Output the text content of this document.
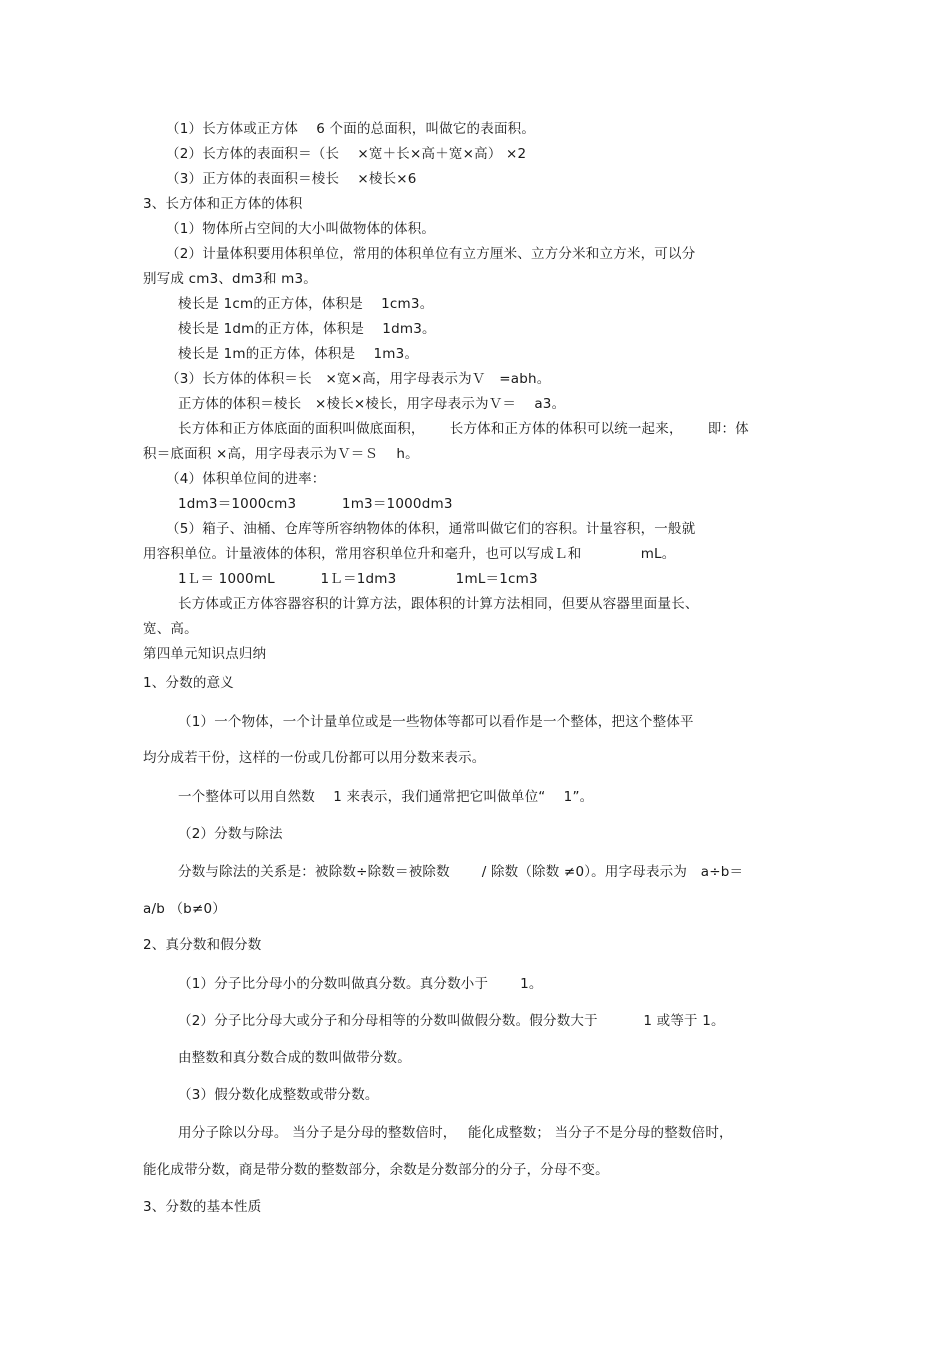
（1）长方体或正方体　 6 个面的总面积，叫做它的表面积。
（2）长方体的表面积＝（长　 ×宽＋长×高＋宽×高） ×2
（3）正方体的表面积＝棱长　 ×棱长×6
3、长方体和正方体的体积
（1）物体所占空间的大小叫做物体的体积。
（2）计量体积要用体积单位，常用的体积单位有立方厘米、立方分米和立方米，可以分
别写成 cm3、dm3和 m3。
棱长是 1cm的正方体，体积是　 1cm3。
棱长是 1dm的正方体，体积是　 1dm3。
棱长是 1m的正方体，体积是　 1m3。
（3）长方体的体积＝长　×宽×高，用字母表示为Ｖ　=abh。
正方体的体积＝棱长　×棱长×棱长，用字母表示为Ｖ＝　 a3。
长方体和正方体底面的面积叫做底面积，　　 长方体和正方体的体积可以统一起来，　　 即：体
积＝底面积 ×高，用字母表示为Ｖ＝Ｓ　 h。
（4）体积单位间的进率：
1dm3＝1000cm3　　　 1m3＝1000dm3
（5）箱子、油桶、仓库等所容纳物体的体积，通常叫做它们的容积。计量容积，一般就
用容积单位。计量液体的体积，常用容积单位升和毫升，也可以写成Ｌ和　　　　 mL。
1Ｌ＝ 1000mL　　　 1Ｌ＝1dm3　　　　 1mL＝1cm3
长方体或正方体容器容积的计算方法，跟体积的计算方法相同，但要从容器里面量长、
宽、高。
第四单元知识点归纳
1、分数的意义
（1）一个物体，一个计量单位或是一些物体等都可以看作是一个整体，把这个整体平
均分成若干份，这样的一份或几份都可以用分数来表示。
一个整体可以用自然数　 1 来表示，我们通常把它叫做单位“　 1”。
（2）分数与除法
分数与除法的关系是：被除数÷除数＝被除数　　 / 除数（除数 ≠0）。用字母表示为　a÷b＝
a/b （b≠0）
2、真分数和假分数
（1）分子比分母小的分数叫做真分数。真分数小于　　 1。
（2）分子比分母大或分子和分母相等的分数叫做假分数。假分数大于　　　 1 或等于 1。
由整数和真分数合成的数叫做带分数。
（3）假分数化成整数或带分数。
用分子除以分母。 当分子是分母的整数倍时，　 能化成整数； 当分子不是分母的整数倍时，
能化成带分数，商是带分数的整数部分，余数是分数部分的分子，分母不变。
3、分数的基本性质
